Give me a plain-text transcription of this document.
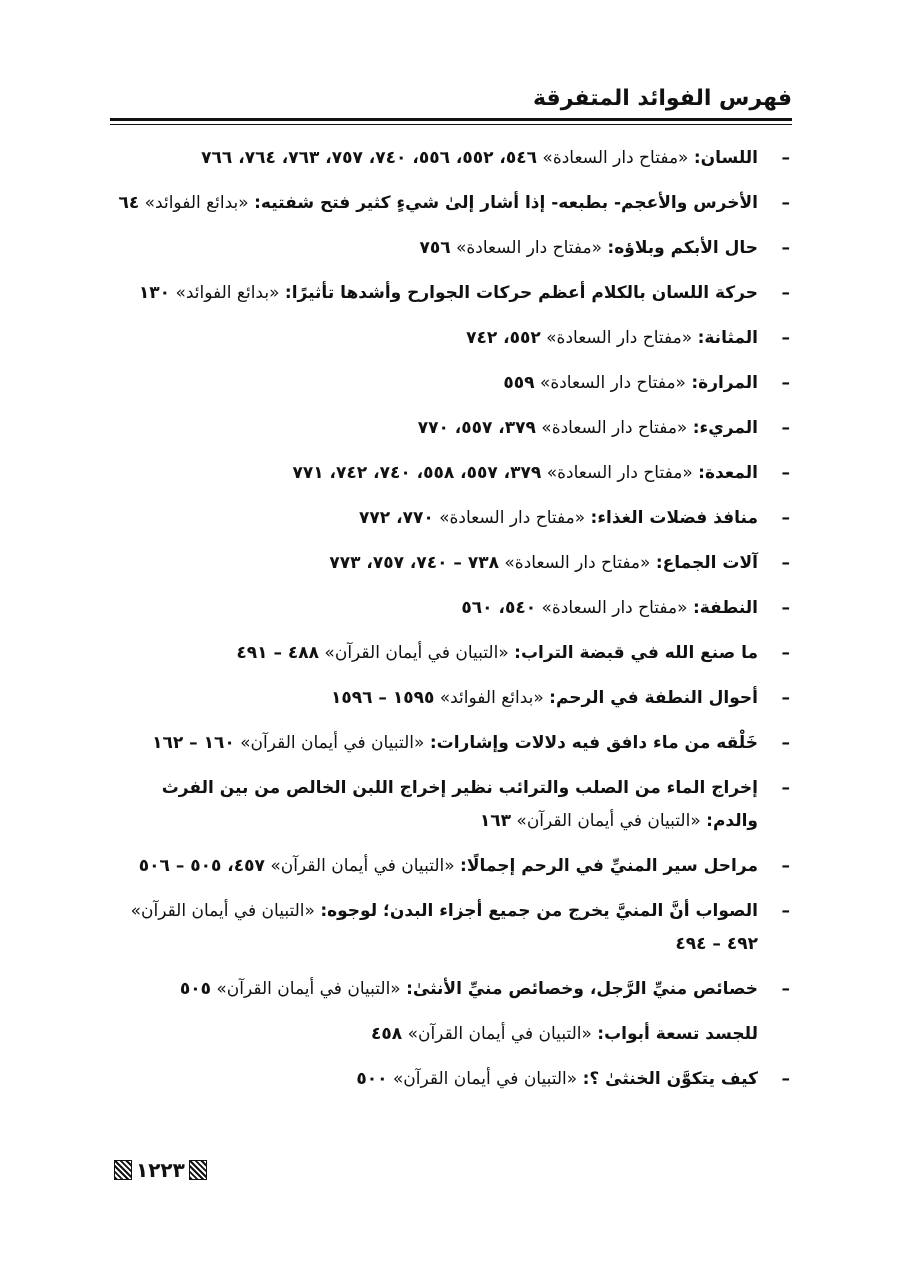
فهرس الفوائد المتفرقة
–
اللسان: «مفتاح دار السعادة» ٥٤٦، ٥٥٢، ٥٥٦، ٧٤٠، ٧٥٧، ٧٦٣، ٧٦٤، ٧٦٦
–
الأخرس والأعجم- بطبعه- إذا أشار إلىٰ شيءٍ كثير فتح شفتيه: «بدائع الفوائد» ٦٤
–
حال الأبكم وبلاؤه: «مفتاح دار السعادة» ٧٥٦
–
حركة اللسان بالكلام أعظم حركات الجوارح وأشدها تأثيرًا: «بدائع الفوائد» ١٣٠
–
المثانة: «مفتاح دار السعادة» ٥٥٢، ٧٤٢
–
المرارة: «مفتاح دار السعادة» ٥٥٩
–
المريء: «مفتاح دار السعادة» ٣٧٩، ٥٥٧، ٧٧٠
–
المعدة: «مفتاح دار السعادة» ٣٧٩، ٥٥٧، ٥٥٨، ٧٤٠، ٧٤٢، ٧٧١
–
منافذ فضلات الغذاء: «مفتاح دار السعادة» ٧٧٠، ٧٧٢
–
آلات الجماع: «مفتاح دار السعادة» ٧٣٨ – ٧٤٠، ٧٥٧، ٧٧٣
–
النطفة: «مفتاح دار السعادة» ٥٤٠، ٥٦٠
–
ما صنع الله في قبضة التراب: «التبيان في أيمان القرآن» ٤٨٨ – ٤٩١
–
أحوال النطفة في الرحم: «بدائع الفوائد» ١٥٩٥ – ١٥٩٦
–
خَلْقه من ماء دافق فيه دلالات وإشارات: «التبيان في أيمان القرآن» ١٦٠ – ١٦٢
–
إخراج الماء من الصلب والترائب نظير إخراج اللبن الخالص من بين الفرث والدم: «التبيان في أيمان القرآن» ١٦٣
–
مراحل سير المنيِّ في الرحم إجمالًا: «التبيان في أيمان القرآن» ٤٥٧، ٥٠٥ – ٥٠٦
–
الصواب أنَّ المنيَّ يخرج من جميع أجزاء البدن؛ لوجوه: «التبيان في أيمان القرآن» ٤٩٢ – ٤٩٤
–
خصائص منيِّ الرَّجل، وخصائص منيِّ الأنثىٰ: «التبيان في أيمان القرآن» ٥٠٥
للجسد تسعة أبواب: «التبيان في أيمان القرآن» ٤٥٨
–
كيف يتكوَّن الخنثىٰ ؟: «التبيان في أيمان القرآن» ٥٠٠
١٢٢٣
